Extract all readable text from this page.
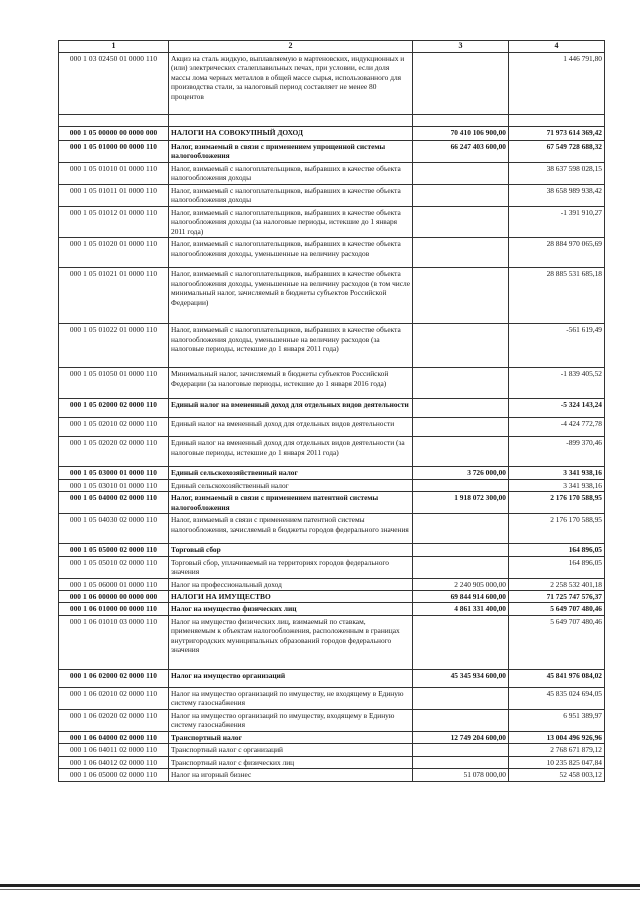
1	2	3	4
000 1 03 02450 01 0000 110	Акциз на сталь жидкую, выплавляемую в мартеновских, индукционных и (или) электрических сталеплавильных печах, при условии, если доля массы лома черных металлов в общей массе сырья, использованного для производства стали, за налоговый период составляет не менее 80 процентов		1 446 791,80

000 1 05 00000 00 0000 000	НАЛОГИ НА СОВОКУПНЫЙ ДОХОД	70 410 106 900,00	71 973 614 369,42
000 1 05 01000 00 0000 110	Налог, взимаемый в связи с применением упрощенной системы налогообложения	66 247 403 600,00	67 549 728 688,32
000 1 05 01010 01 0000 110	Налог, взимаемый с налогоплательщиков, выбравших в качестве объекта налогообложения доходы		38 637 598 028,15
000 1 05 01011 01 0000 110	Налог, взимаемый с налогоплательщиков, выбравших в качестве объекта налогообложения доходы		38 658 989 938,42
000 1 05 01012 01 0000 110	Налог, взимаемый с налогоплательщиков, выбравших в качестве объекта налогообложения доходы (за налоговые периоды, истекшие до 1 января 2011 года)		-1 391 910,27
000 1 05 01020 01 0000 110	Налог, взимаемый с налогоплательщиков, выбравших в качестве объекта налогообложения доходы, уменьшенные на величину расходов		28 884 970 065,69
000 1 05 01021 01 0000 110	Налог, взимаемый с налогоплательщиков, выбравших в качестве объекта налогообложения доходы, уменьшенные на величину расходов (в том числе минимальный налог, зачисляемый в бюджеты субъектов Российской Федерации)		28 885 531 685,18
000 1 05 01022 01 0000 110	Налог, взимаемый с налогоплательщиков, выбравших в качестве объекта налогообложения доходы, уменьшенные на величину расходов (за налоговые периоды, истекшие до 1 января 2011 года)		-561 619,49
000 1 05 01050 01 0000 110	Минимальный налог, зачисляемый в бюджеты субъектов Российской Федерации (за налоговые периоды, истекшие до 1 января 2016 года)		-1 839 405,52
000 1 05 02000 02 0000 110	Единый налог на вмененный доход для отдельных видов деятельности		-5 324 143,24
000 1 05 02010 02 0000 110	Единый налог на вмененный доход для отдельных видов деятельности		-4 424 772,78
000 1 05 02020 02 0000 110	Единый налог на вмененный доход для отдельных видов деятельности (за налоговые периоды, истекшие до 1 января 2011 года)		-899 370,46
000 1 05 03000 01 0000 110	Единый сельскохозяйственный налог	3 726 000,00	3 341 938,16
000 1 05 03010 01 0000 110	Единый сельскохозяйственный налог		3 341 938,16
000 1 05 04000 02 0000 110	Налог, взимаемый в связи с применением патентной системы налогообложения	1 918 072 300,00	2 176 170 588,95
000 1 05 04030 02 0000 110	Налог, взимаемый в связи с применением патентной системы налогообложения, зачисляемый в бюджеты городов федерального значения		2 176 170 588,95
000 1 05 05000 02 0000 110	Торговый сбор		164 896,05
000 1 05 05010 02 0000 110	Торговый сбор, уплачиваемый на территориях городов федерального значения		164 896,05
000 1 05 06000 01 0000 110	Налог на профессиональный доход	2 240 905 000,00	2 258 532 401,18
000 1 06 00000 00 0000 000	НАЛОГИ НА ИМУЩЕСТВО	69 844 914 600,00	71 725 747 576,37
000 1 06 01000 00 0000 110	Налог на имущество физических лиц	4 861 331 400,00	5 649 707 480,46
000 1 06 01010 03 0000 110	Налог на имущество физических лиц, взимаемый по ставкам, применяемым к объектам налогообложения, расположенным в границах внутригородских муниципальных образований городов федерального значения		5 649 707 480,46
000 1 06 02000 02 0000 110	Налог на имущество организаций	45 345 934 600,00	45 841 976 084,02
000 1 06 02010 02 0000 110	Налог на имущество организаций по имуществу, не входящему в Единую систему газоснабжения		45 835 024 694,05
000 1 06 02020 02 0000 110	Налог на имущество организаций по имуществу, входящему в Единую систему газоснабжения		6 951 389,97
000 1 06 04000 02 0000 110	Транспортный налог	12 749 204 600,00	13 004 496 926,96
000 1 06 04011 02 0000 110	Транспортный налог с организаций		2 768 671 879,12
000 1 06 04012 02 0000 110	Транспортный налог с физических лиц		10 235 825 047,84
000 1 06 05000 02 0000 110	Налог на игорный бизнес	51 078 000,00	52 458 003,12
